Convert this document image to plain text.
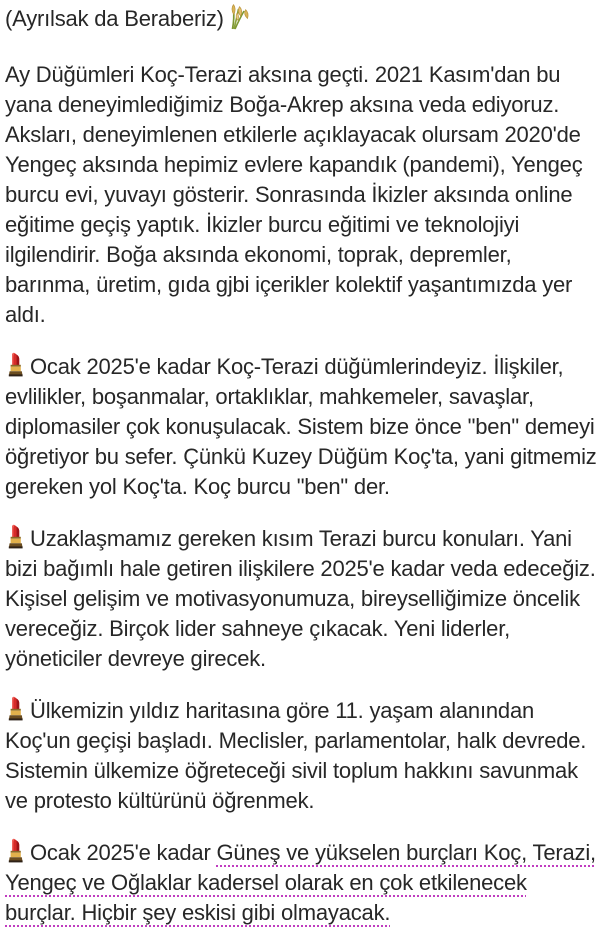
(Ayrılsak da Beraberiz)

Ay Düğümleri Koç-Terazi aksına geçti. 2021 Kasım'dan bu yana deneyimlediğimiz Boğa-Akrep aksına veda ediyoruz. Aksları, deneyimlenen etkilerle açıklayacak olursam 2020'de Yengeç aksında hepimiz evlere kapandık (pandemi), Yengeç burcu evi, yuvayı gösterir. Sonrasında İkizler aksında online eğitime geçiş yaptık. İkizler burcu eğitimi ve teknolojiyi ilgilendirir. Boğa aksında ekonomi, toprak, depremler, barınma, üretim, gıda gjbi içerikler kolektif yaşantımızda yer aldı.

Ocak 2025'e kadar Koç-Terazi düğümlerindeyiz. İlişkiler, evlilikler, boşanmalar, ortaklıklar, mahkemeler, savaşlar, diplomasiler çok konuşulacak. Sistem bize önce "ben" demeyi öğretiyor bu sefer. Çünkü Kuzey Düğüm Koç'ta, yani gitmemiz gereken yol Koç'ta. Koç burcu "ben" der.

Uzaklaşmamız gereken kısım Terazi burcu konuları. Yani bizi bağımlı hale getiren ilişkilere 2025'e kadar veda edeceğiz. Kişisel gelişim ve motivasyonumuza, bireyselliğimize öncelik vereceğiz. Birçok lider sahneye çıkacak. Yeni liderler, yöneticiler devreye girecek.

Ülkemizin yıldız haritasına göre 11. yaşam alanından Koç'un geçişi başladı. Meclisler, parlamentolar, halk devrede. Sistemin ülkemize öğreteceği sivil toplum hakkını savunmak ve protesto kültürünü öğrenmek.

Ocak 2025'e kadar Güneş ve yükselen burçları Koç, Terazi, Yengeç ve Oğlaklar kadersel olarak en çok etkilenecek burçlar. Hiçbir şey eskisi gibi olmayacak.
